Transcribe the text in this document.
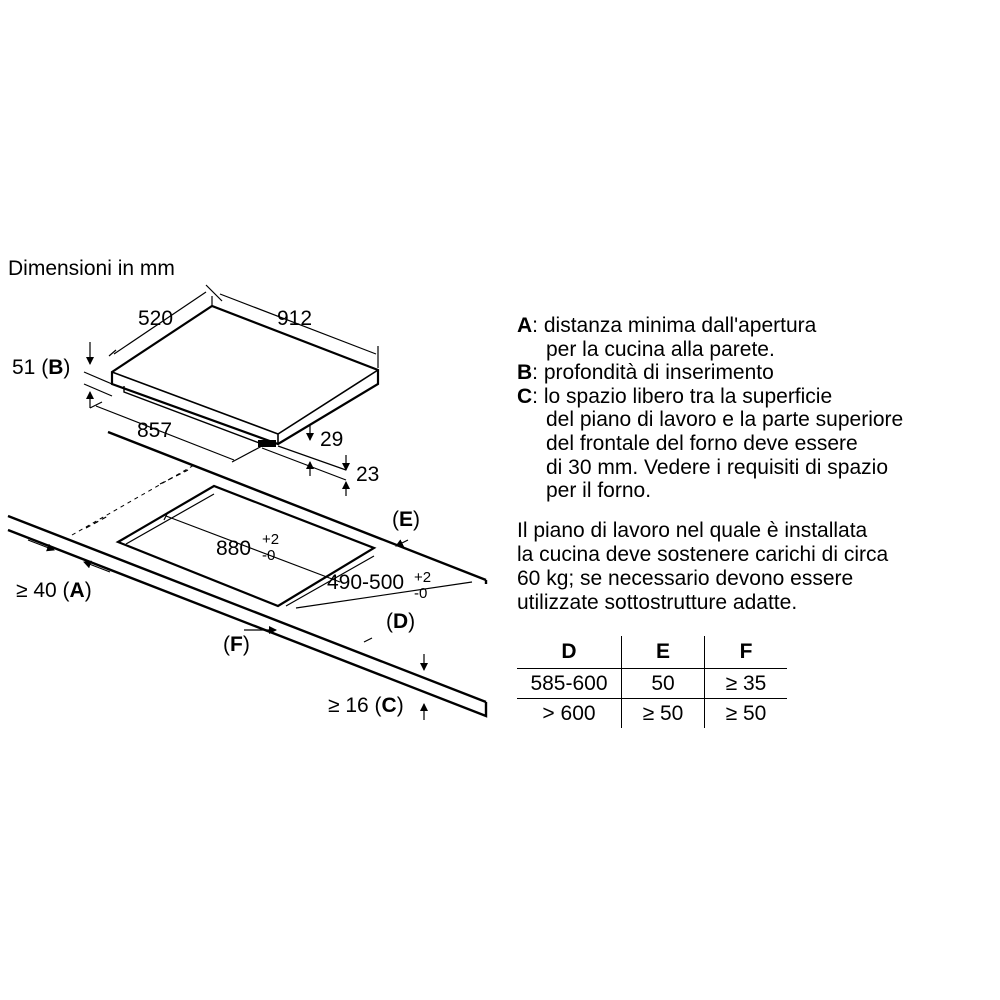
Dimensioni in mm
520	912
51 (B)
857	29
23
(E)
880 +2
-0
490-500 +2
-0
≥ 40 (A)
(D)
(F)
≥ 16 (C)
A: distanza minima dall'apertura
per la cucina alla parete.
B: profondità di inserimento
C: lo spazio libero tra la superficie
del piano di lavoro e la parte superiore
del frontale del forno deve essere
di 30 mm. Vedere i requisiti di spazio
per il forno.
Il piano di lavoro nel quale è installata
la cucina deve sostenere carichi di circa
60 kg; se necessario devono essere
utilizzate sottostrutture adatte.
D	E	F
585-600	50	≥ 35
> 600	≥ 50	≥ 50
